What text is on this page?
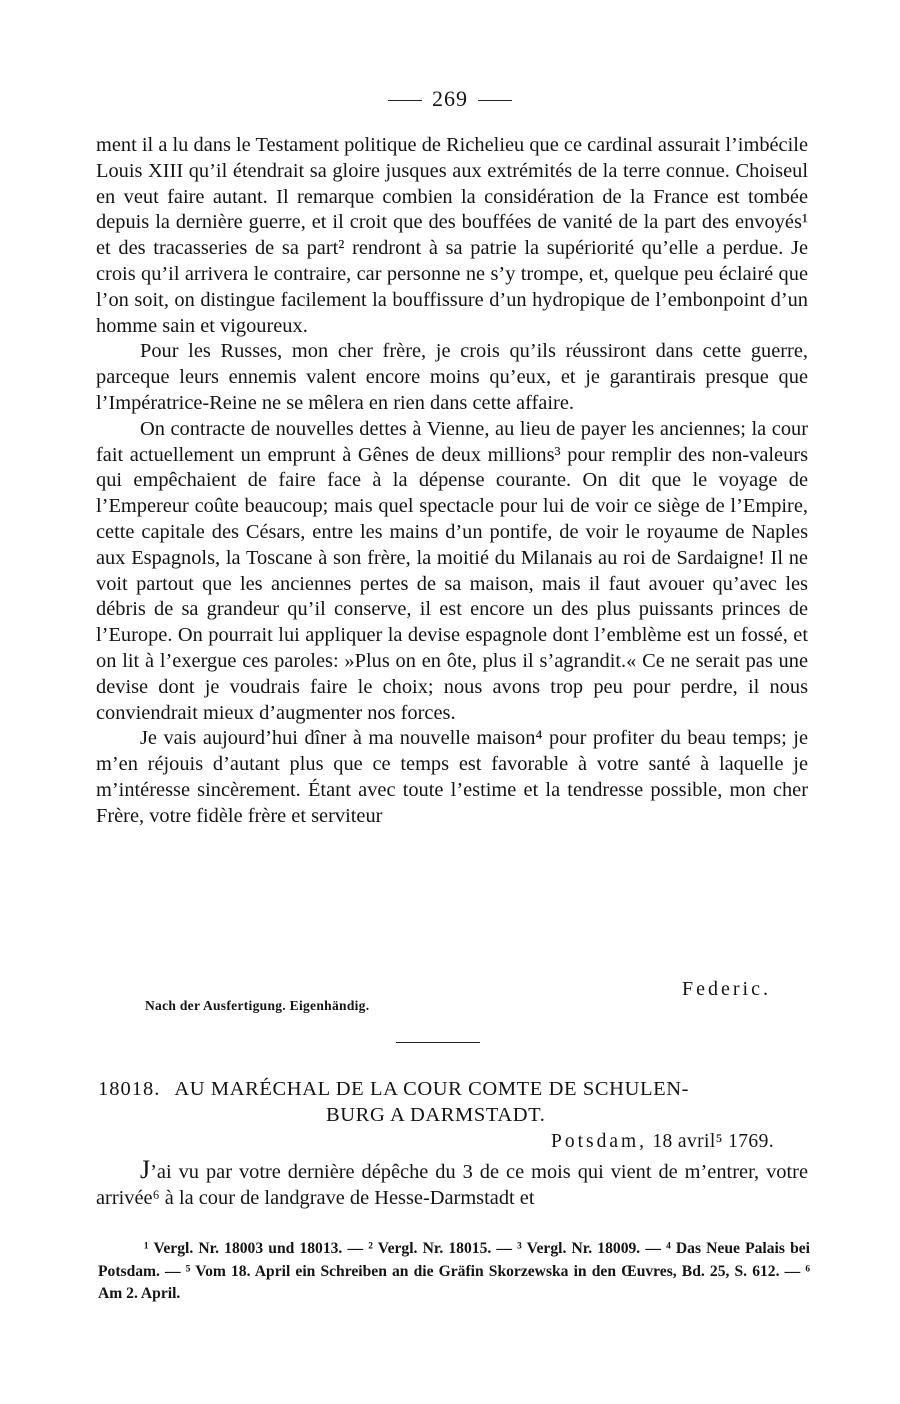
269

ment il a lu dans le Testament politique de Richelieu que ce cardinal assurait l’imbécile Louis XIII qu’il étendrait sa gloire jusques aux extrémités de la terre connue. Choiseul en veut faire autant. Il remarque combien la considération de la France est tombée depuis la dernière guerre, et il croit que des bouffées de vanité de la part des envoyés¹ et des tracasseries de sa part² rendront à sa patrie la supériorité qu’elle a perdue. Je crois qu’il arrivera le contraire, car personne ne s’y trompe, et, quelque peu éclairé que l’on soit, on distingue facilement la bouffissure d’un hydropique de l’embonpoint d’un homme sain et vigoureux.

Pour les Russes, mon cher frère, je crois qu’ils réussiront dans cette guerre, parceque leurs ennemis valent encore moins qu’eux, et je garantirais presque que l’Impératrice-Reine ne se mêlera en rien dans cette affaire.

On contracte de nouvelles dettes à Vienne, au lieu de payer les anciennes; la cour fait actuellement un emprunt à Gênes de deux millions³ pour remplir des non-valeurs qui empêchaient de faire face à la dépense courante. On dit que le voyage de l’Empereur coûte beaucoup; mais quel spectacle pour lui de voir ce siège de l’Empire, cette capitale des Césars, entre les mains d’un pontife, de voir le royaume de Naples aux Espagnols, la Toscane à son frère, la moitié du Milanais au roi de Sardaigne! Il ne voit partout que les anciennes pertes de sa maison, mais il faut avouer qu’avec les débris de sa grandeur qu’il conserve, il est encore un des plus puissants princes de l’Europe. On pourrait lui appliquer la devise espagnole dont l’emblème est un fossé, et on lit à l’exergue ces paroles: »Plus on en ôte, plus il s’agrandit.« Ce ne serait pas une devise dont je voudrais faire le choix; nous avons trop peu pour perdre, il nous conviendrait mieux d’augmenter nos forces.

Je vais aujourd’hui dîner à ma nouvelle maison⁴ pour profiter du beau temps; je m’en réjouis d’autant plus que ce temps est favorable à votre santé à laquelle je m’intéresse sincèrement. Étant avec toute l’estime et la tendresse possible, mon cher Frère, votre fidèle frère et serviteur

Federic.
Nach der Ausfertigung. Eigenhändig.
18018. AU MARÉCHAL DE LA COUR COMTE DE SCHULEN-
BURG A DARMSTADT.
Potsdam, 18 avril⁵ 1769.

J’ai vu par votre dernière dépêche du 3 de ce mois qui vient de m’entrer, votre arrivée⁶ à la cour de landgrave de Hesse-Darmstadt et

¹ Vergl. Nr. 18003 und 18013. — ² Vergl. Nr. 18015. — ³ Vergl. Nr. 18009. — ⁴ Das Neue Palais bei Potsdam. — ⁵ Vom 18. April ein Schreiben an die Gräfin Skorzewska in den Œuvres, Bd. 25, S. 612. — ⁶ Am 2. April.
